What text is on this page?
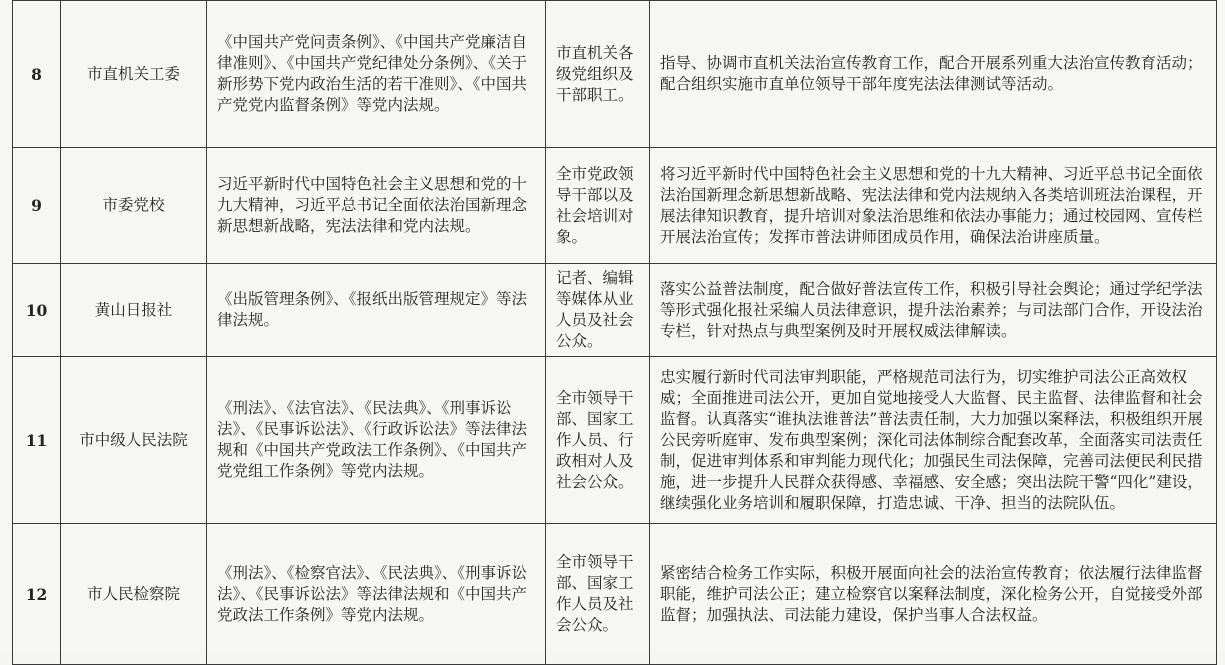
8	市直机关工委	《中国共产党问责条例》、《中国共产党廉洁自律准则》、《中国共产党纪律处分条例》、《关于新形势下党内政治生活的若干准则》、《中国共产党党内监督条例》等党内法规。	市直机关各级党组织及干部职工。	指导、协调市直机关法治宣传教育工作，配合开展系列重大法治宣传教育活动；配合组织实施市直单位领导干部年度宪法法律测试等活动。
9	市委党校	习近平新时代中国特色社会主义思想和党的十九大精神，习近平总书记全面依法治国新理念新思想新战略，宪法法律和党内法规。	全市党政领导干部以及社会培训对象。	将习近平新时代中国特色社会主义思想和党的十九大精神、习近平总书记全面依法治国新理念新思想新战略、宪法法律和党内法规纳入各类培训班法治课程，开展法律知识教育，提升培训对象法治思维和依法办事能力；通过校园网、宣传栏开展法治宣传；发挥市普法讲师团成员作用，确保法治讲座质量。
10	黄山日报社	《出版管理条例》、《报纸出版管理规定》等法律法规。	记者、编辑等媒体从业人员及社会公众。	落实公益普法制度，配合做好普法宣传工作，积极引导社会舆论；通过学纪学法等形式强化报社采编人员法律意识，提升法治素养；与司法部门合作，开设法治专栏，针对热点与典型案例及时开展权威法律解读。
11	市中级人民法院	《刑法》、《法官法》、《民法典》、《刑事诉讼法》、《民事诉讼法》、《行政诉讼法》等法律法规和《中国共产党政法工作条例》、《中国共产党党组工作条例》等党内法规。	全市领导干部、国家工作人员、行政相对人及社会公众。	忠实履行新时代司法审判职能，严格规范司法行为，切实维护司法公正高效权威；全面推进司法公开，更加自觉地接受人大监督、民主监督、法律监督和社会监督。认真落实“谁执法谁普法”普法责任制，大力加强以案释法，积极组织开展公民旁听庭审、发布典型案例；深化司法体制综合配套改革，全面落实司法责任制，促进审判体系和审判能力现代化；加强民生司法保障，完善司法便民利民措施，进一步提升人民群众获得感、幸福感、安全感；突出法院干警“四化”建设，继续强化业务培训和履职保障，打造忠诚、干净、担当的法院队伍。
12	市人民检察院	《刑法》、《检察官法》、《民法典》、《刑事诉讼法》、《民事诉讼法》等法律法规和《中国共产党政法工作条例》等党内法规。	全市领导干部、国家工作人员及社会公众。	紧密结合检务工作实际，积极开展面向社会的法治宣传教育；依法履行法律监督职能，维护司法公正；建立检察官以案释法制度，深化检务公开，自觉接受外部监督；加强执法、司法能力建设，保护当事人合法权益。
